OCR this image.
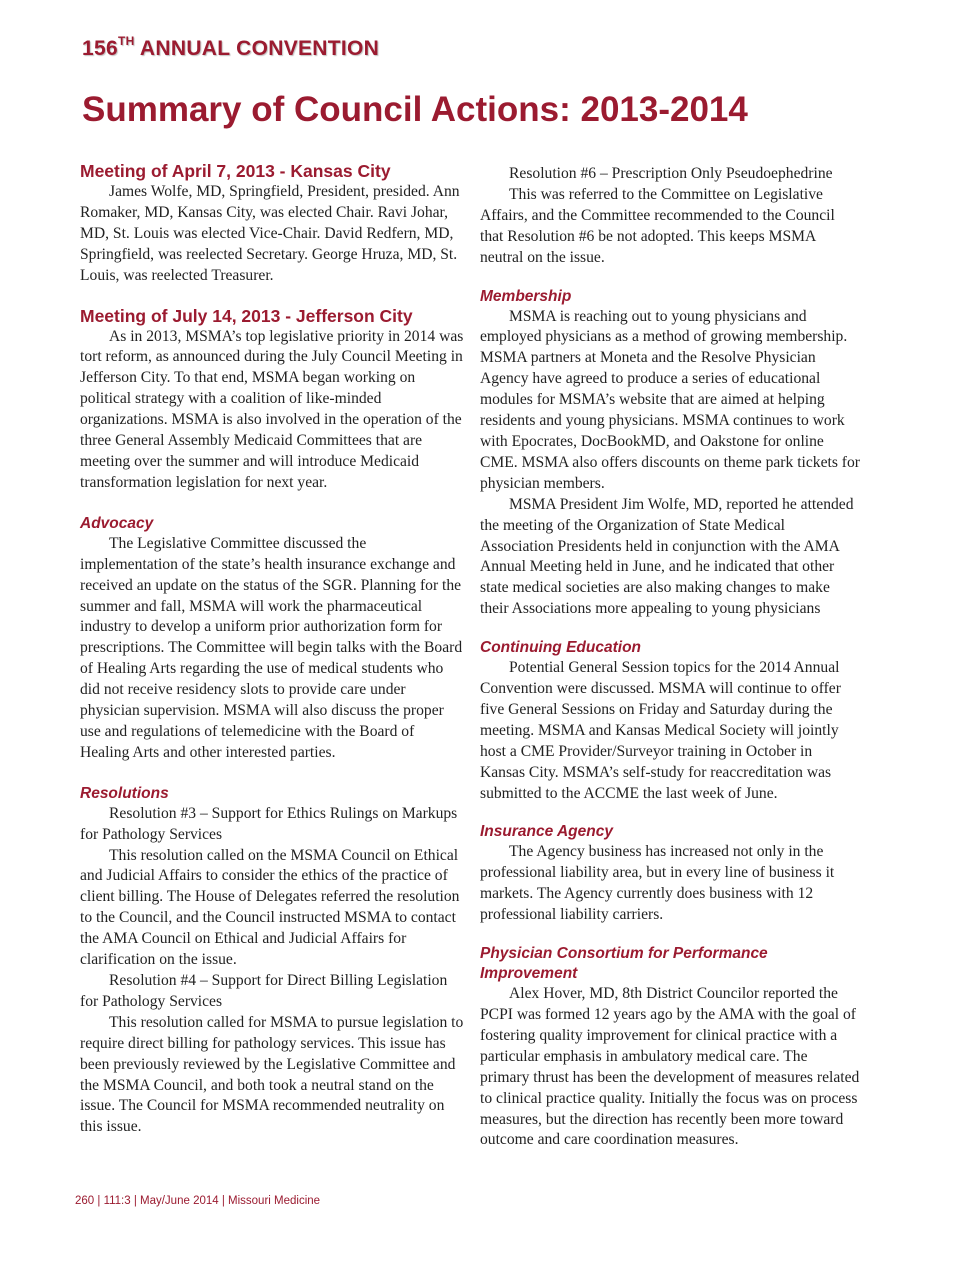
156TH ANNUAL CONVENTION
Summary of Council Actions: 2013-2014
Meeting of April 7, 2013 - Kansas City

James Wolfe, MD, Springfield, President, presided. Ann Romaker, MD, Kansas City, was elected Chair. Ravi Johar, MD, St. Louis was elected Vice-Chair. David Redfern, MD, Springfield, was reelected Secretary. George Hruza, MD, St. Louis, was reelected Treasurer.

Meeting of July 14, 2013 - Jefferson City

As in 2013, MSMA’s top legislative priority in 2014 was tort reform, as announced during the July Council Meeting in Jefferson City. To that end, MSMA began working on political strategy with a coalition of like-minded organizations. MSMA is also involved in the operation of the three General Assembly Medicaid Committees that are meeting over the summer and will introduce Medicaid transformation legislation for next year.

Advocacy

The Legislative Committee discussed the implementation of the state’s health insurance exchange and received an update on the status of the SGR. Planning for the summer and fall, MSMA will work the pharmaceutical industry to develop a uniform prior authorization form for prescriptions. The Committee will begin talks with the Board of Healing Arts regarding the use of medical students who did not receive residency slots to provide care under physician supervision. MSMA will also discuss the proper use and regulations of telemedicine with the Board of Healing Arts and other interested parties.

Resolutions

Resolution #3 – Support for Ethics Rulings on Markups for Pathology Services

This resolution called on the MSMA Council on Ethical and Judicial Affairs to consider the ethics of the practice of client billing. The House of Delegates referred the resolution to the Council, and the Council instructed MSMA to contact the AMA Council on Ethical and Judicial Affairs for clarification on the issue.

Resolution #4 – Support for Direct Billing Legislation for Pathology Services

This resolution called for MSMA to pursue legislation to require direct billing for pathology services. This issue has been previously reviewed by the Legislative Committee and the MSMA Council, and both took a neutral stand on the issue. The Council for MSMA recommended neutrality on this issue.

Resolution #6 – Prescription Only Pseudoephedrine

This was referred to the Committee on Legislative Affairs, and the Committee recommended to the Council that Resolution #6 be not adopted. This keeps MSMA neutral on the issue.

Membership

MSMA is reaching out to young physicians and employed physicians as a method of growing membership. MSMA partners at Moneta and the Resolve Physician Agency have agreed to produce a series of educational modules for MSMA’s website that are aimed at helping residents and young physicians. MSMA continues to work with Epocrates, DocBookMD, and Oakstone for online CME. MSMA also offers discounts on theme park tickets for physician members.

MSMA President Jim Wolfe, MD, reported he attended the meeting of the Organization of State Medical Association Presidents held in conjunction with the AMA Annual Meeting held in June, and he indicated that other state medical societies are also making changes to make their Associations more appealing to young physicians

Continuing Education

Potential General Session topics for the 2014 Annual Convention were discussed. MSMA will continue to offer five General Sessions on Friday and Saturday during the meeting. MSMA and Kansas Medical Society will jointly host a CME Provider/Surveyor training in October in Kansas City. MSMA’s self-study for reaccreditation was submitted to the ACCME the last week of June.

Insurance Agency

The Agency business has increased not only in the professional liability area, but in every line of business it markets. The Agency currently does business with 12 professional liability carriers.

Physician Consortium for Performance Improvement

Alex Hover, MD, 8th District Councilor reported the PCPI was formed 12 years ago by the AMA with the goal of fostering quality improvement for clinical practice with a particular emphasis in ambulatory medical care. The primary thrust has been the development of measures related to clinical practice quality. Initially the focus was on process measures, but the direction has recently been more toward outcome and care coordination measures.

260 | 111:3 | May/June 2014 | Missouri Medicine
